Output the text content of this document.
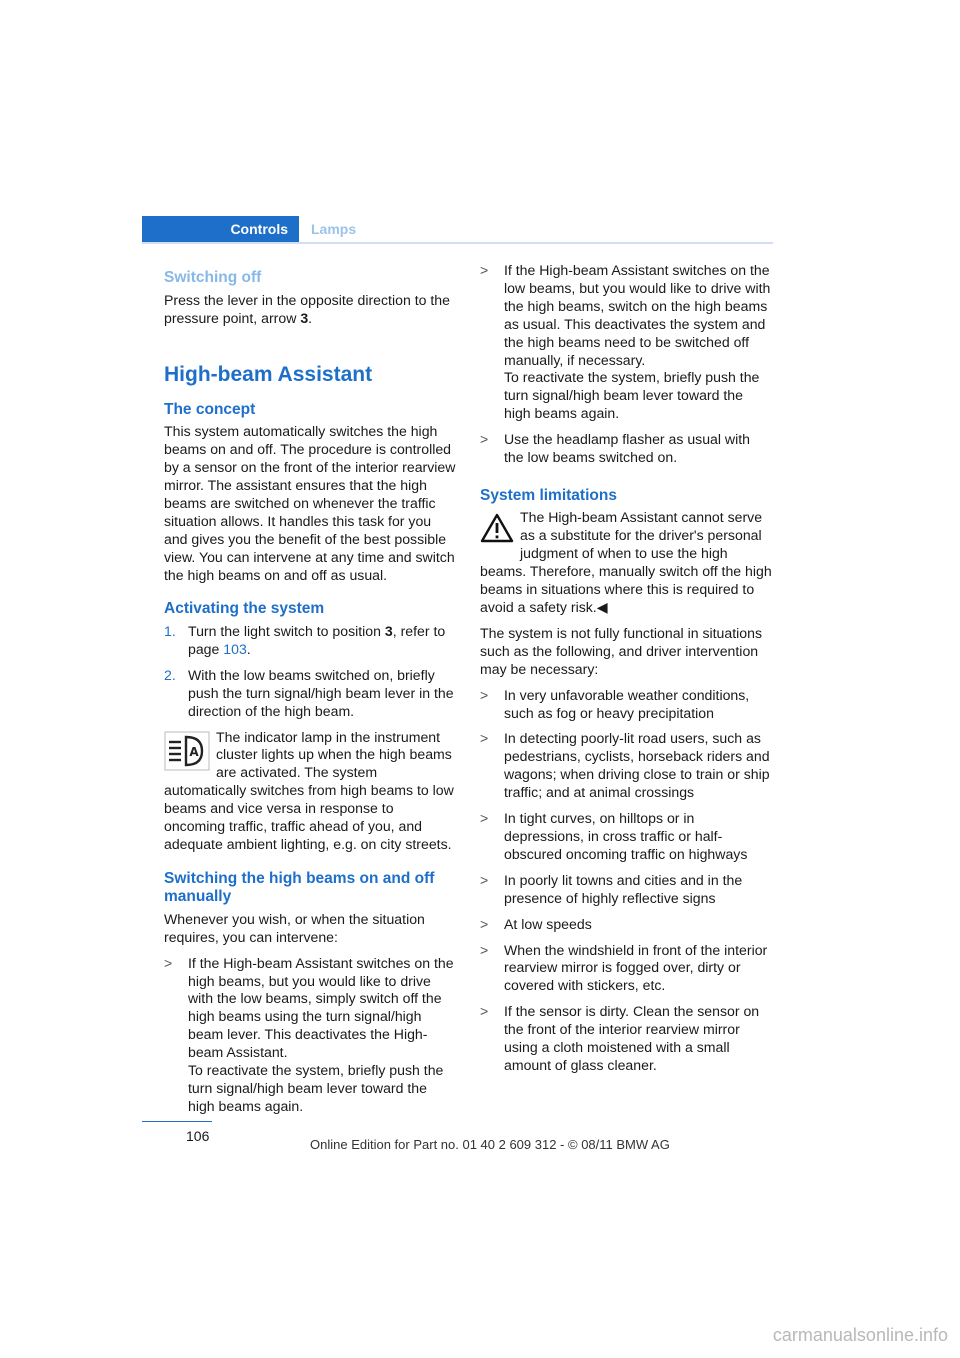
Controls	Lamps
Switching off

Press the lever in the opposite direction to the pressure point, arrow 3.

High-beam Assistant
The concept

This system automatically switches the high beams on and off. The procedure is controlled by a sensor on the front of the interior rearview mirror. The assistant ensures that the high beams are switched on whenever the traffic situation allows. It handles this task for you and gives you the benefit of the best possible view. You can intervene at any time and switch the high beams on and off as usual.

Activating the system
1. Turn the light switch to position 3, refer to page 103.
2. With the low beams switched on, briefly push the turn signal/high beam lever in the direction of the high beam.

A
The indicator lamp in the instrument cluster lights up when the high beams are activated. The system automatically switches from high beams to low beams and vice versa in response to oncoming traffic, traffic ahead of you, and adequate ambient lighting, e.g. on city streets.

Switching the high beams on and off manually

Whenever you wish, or when the situation requires, you can intervene:

> If the High-beam Assistant switches on the high beams, but you would like to drive with the low beams, simply switch off the high beams using the turn signal/high beam lever. This deactivates the High-beam Assistant.
To reactivate the system, briefly push the turn signal/high beam lever toward the high beams again.
> If the High-beam Assistant switches on the low beams, but you would like to drive with the high beams, switch on the high beams as usual. This deactivates the system and the high beams need to be switched off manually, if necessary.
To reactivate the system, briefly push the turn signal/high beam lever toward the high beams again.
> Use the headlamp flasher as usual with the low beams switched on.
System limitations

The High-beam Assistant cannot serve as a substitute for the driver's personal judgment of when to use the high beams. Therefore, manually switch off the high beams in situations where this is required to avoid a safety risk.◀

The system is not fully functional in situations such as the following, and driver intervention may be necessary:

> In very unfavorable weather conditions, such as fog or heavy precipitation
> In detecting poorly-lit road users, such as pedestrians, cyclists, horseback riders and wagons; when driving close to train or ship traffic; and at animal crossings
> In tight curves, on hilltops or in depressions, in cross traffic or half-obscured oncoming traffic on highways
> In poorly lit towns and cities and in the presence of highly reflective signs
> At low speeds
> When the windshield in front of the interior rearview mirror is fogged over, dirty or covered with stickers, etc.
> If the sensor is dirty. Clean the sensor on the front of the interior rearview mirror using a cloth moistened with a small amount of glass cleaner.
106
Online Edition for Part no. 01 40 2 609 312 - © 08/11 BMW AG
carmanualsonline.info
